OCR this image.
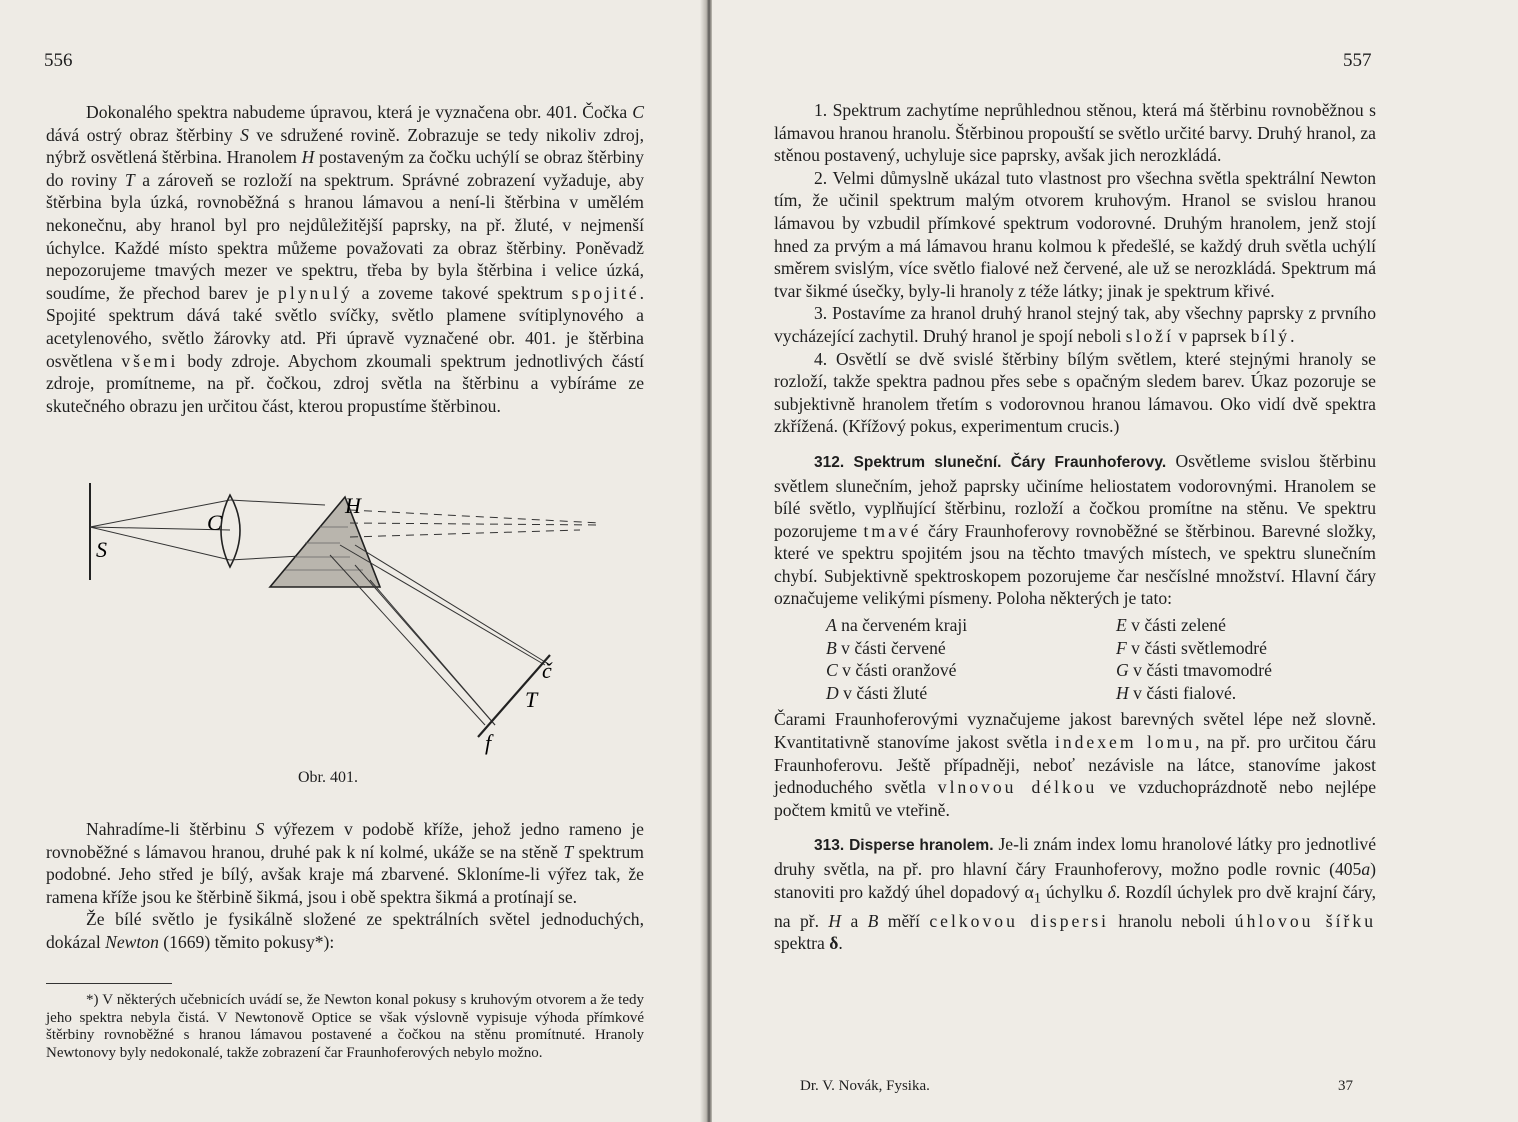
556

Dokonalého spektra nabudeme úpravou, která je vyznačena obr. 401. Čočka C dává ostrý obraz štěrbiny S ve sdružené rovině. Zobrazuje se tedy nikoliv zdroj, nýbrž osvětlená štěrbina. Hranolem H postaveným za čočku uchýlí se obraz štěrbiny do roviny T a zároveň se rozloží na spektrum. Správné zobrazení vyžaduje, aby štěrbina byla úzká, rovnoběžná s hranou lámavou a není-li štěrbina v umělém nekonečnu, aby hranol byl pro nejdůležitější paprsky, na př. žluté, v nejmenší úchylce. Každé místo spektra můžeme považovati za obraz štěrbiny. Poněvadž nepozorujeme tmavých mezer ve spektru, třeba by byla štěrbina i velice úzká, soudíme, že přechod barev je plynulý a zoveme takové spektrum spojité. Spojité spektrum dává také světlo svíčky, světlo plamene svítiplynového a acetylenového, světlo žárovky atd. Při úpravě vyznačené obr. 401. je štěrbina osvětlena všemi body zdroje. Abychom zkoumali spektrum jednotlivých částí zdroje, promítneme, na př. čočkou, zdroj světla na štěrbinu a vybíráme ze skutečného obrazu jen určitou část, kterou propustíme štěrbinou.

S
C
H
č
T
f
Obr. 401.

Nahradíme-li štěrbinu S výřezem v podobě kříže, jehož jedno rameno je rovnoběžné s lámavou hranou, druhé pak k ní kolmé, ukáže se na stěně T spektrum podobné. Jeho střed je bílý, avšak kraje má zbarvené. Skloníme-li výřez tak, že ramena kříže jsou ke štěrbině šikmá, jsou i obě spektra šikmá a protínají se.

Že bílé světlo je fysikálně složené ze spektrálních světel jednoduchých, dokázal Newton (1669) těmito pokusy*):

*) V některých učebnicích uvádí se, že Newton konal pokusy s kruhovým otvorem a že tedy jeho spektra nebyla čistá. V Newtonově Optice se však výslovně vypisuje výhoda přímkové štěrbiny rovnoběžné s hranou lámavou postavené a čočkou na stěnu promítnuté. Hranoly Newtonovy byly nedokonalé, takže zobrazení čar Fraunhoferových nebylo možno.
557

1. Spektrum zachytíme neprůhlednou stěnou, která má štěrbinu rovnoběžnou s lámavou hranou hranolu. Štěrbinou propouští se světlo určité barvy. Druhý hranol, za stěnou postavený, uchyluje sice paprsky, avšak jich nerozkládá.

2. Velmi důmyslně ukázal tuto vlastnost pro všechna světla spektrální Newton tím, že učinil spektrum malým otvorem kruhovým. Hranol se svislou hranou lámavou by vzbudil přímkové spektrum vodorovné. Druhým hranolem, jenž stojí hned za prvým a má lámavou hranu kolmou k předešlé, se každý druh světla uchýlí směrem svislým, více světlo fialové než červené, ale už se nerozkládá. Spektrum má tvar šikmé úsečky, byly-li hranoly z téže látky; jinak je spektrum křivé.

3. Postavíme za hranol druhý hranol stejný tak, aby všechny paprsky z prvního vycházející zachytil. Druhý hranol je spojí neboli složí v paprsek bílý.

4. Osvětlí se dvě svislé štěrbiny bílým světlem, které stejnými hranoly se rozloží, takže spektra padnou přes sebe s opačným sledem barev. Úkaz pozoruje se subjektivně hranolem třetím s vodorovnou hranou lámavou. Oko vidí dvě spektra zkřížená. (Křížový pokus, experimentum crucis.)

312. Spektrum sluneční. Čáry Fraunhoferovy. Osvětleme svislou štěrbinu světlem slunečním, jehož paprsky učiníme heliostatem vodorovnými. Hranolem se bílé světlo, vyplňující štěrbinu, rozloží a čočkou promítne na stěnu. Ve spektru pozorujeme tmavé čáry Fraunhoferovy rovnoběžné se štěrbinou. Barevné složky, které ve spektru spojitém jsou na těchto tmavých místech, ve spektru slunečním chybí. Subjektivně spektroskopem pozorujeme čar nesčíslné množství. Hlavní čáry označujeme velikými písmeny. Poloha některých je tato:

A na červeném kraji	E v části zelené
B v části červené	F v části světlemodré
C v části oranžové	G v části tmavomodré
D v části žluté	H v části fialové.

Čarami Fraunhoferovými vyznačujeme jakost barevných světel lépe než slovně. Kvantitativně stanovíme jakost světla indexem lomu, na př. pro určitou čáru Fraunhoferovu. Ještě případněji, neboť nezávisle na látce, stanovíme jakost jednoduchého světla vlnovou délkou ve vzduchoprázdnotě nebo nejlépe počtem kmitů ve vteřině.

313. Disperse hranolem. Je-li znám index lomu hranolové látky pro jednotlivé druhy světla, na př. pro hlavní čáry Fraunhoferovy, možno podle rovnic (405a) stanoviti pro každý úhel dopadový $\alpha_1$ úchylku δ. Rozdíl úchylek pro dvě krajní čáry, na př. H a B měří celkovou dispersi hranolu neboli úhlovou šířku spektra δ.

Dr. V. Novák, Fysika.	37
